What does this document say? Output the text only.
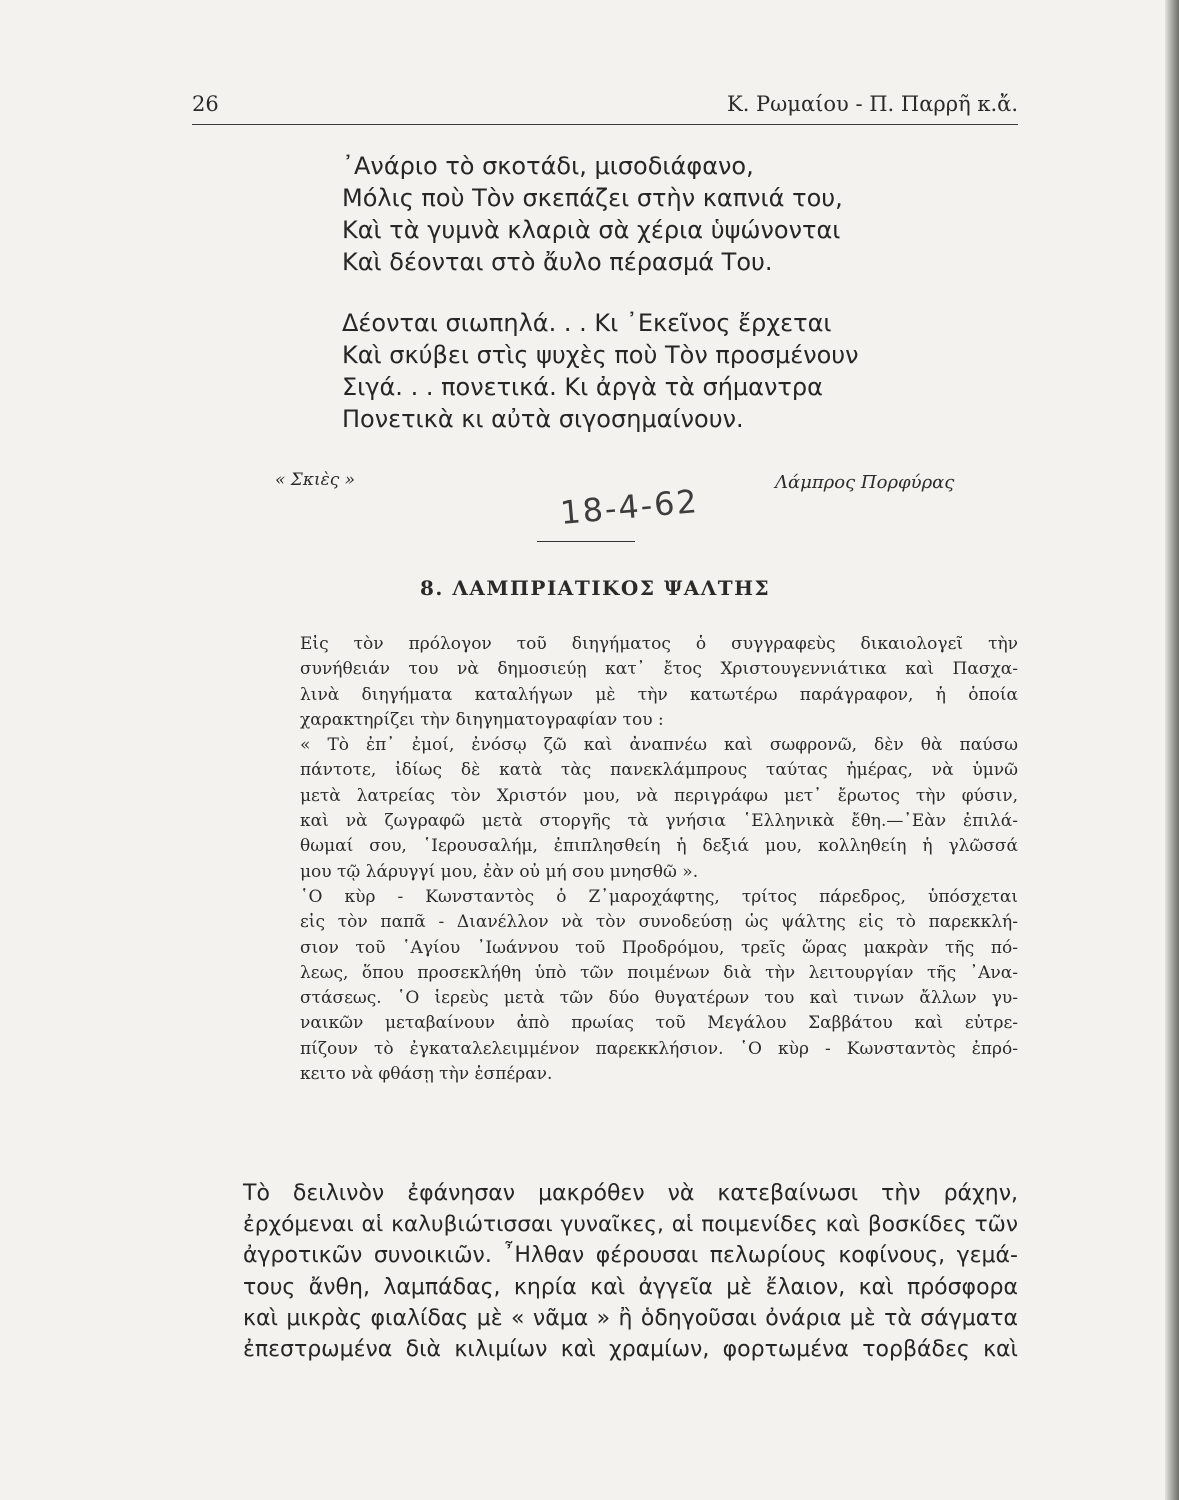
26	Κ. Ρωμαίου - Π. Παρρῆ κ.ἄ.
᾿Ανάριο τὸ σκοτάδι, μισοδιάφανο,
Μόλις ποὺ Τὸν σκεπάζει στὴν καπνιά του,
Καὶ τὰ γυμνὰ κλαριὰ σὰ χέρια ὑψώνονται
Καὶ δέονται στὸ ἄυλο πέρασμά Του.
Δέονται σιωπηλά. . . Κι ᾿Εκεῖνος ἔρχεται
Καὶ σκύβει στὶς ψυχὲς ποὺ Τὸν προσμένουν
Σιγά. . . πονετικά. Κι ἀργὰ τὰ σήμαντρα
Πονετικὰ κι αὐτὰ σιγοσημαίνουν.
« Σκιὲς »	Λάμπρος Πορφύρας
18-4-62
8. ΛΑΜΠΡΙΑΤΙΚΟΣ ΨΑΛΤΗΣ
Εἰς τὸν πρόλογον τοῦ διηγήματος ὁ συγγραφεὺς δικαιολογεῖ τὴν
συνήθειάν του νὰ δημοσιεύῃ κατ᾿ ἔτος Χριστουγεννιάτικα καὶ Πασχα-
λινὰ διηγήματα καταλήγων μὲ τὴν κατωτέρω παράγραφον, ἡ ὁποία
χαρακτηρίζει τὴν διηγηματογραφίαν του :
« Τὸ ἐπ᾿ ἐμοί, ἐνόσῳ ζῶ καὶ ἀναπνέω καὶ σωφρονῶ, δὲν θὰ παύσω
πάντοτε, ἰδίως δὲ κατὰ τὰς πανεκλάμπρους ταύτας ἡμέρας, νὰ ὑμνῶ
μετὰ λατρείας τὸν Χριστόν μου, νὰ περιγράφω μετ᾿ ἔρωτος τὴν φύσιν,
καὶ νὰ ζωγραφῶ μετὰ στοργῆς τὰ γνήσια ῾Ελληνικὰ ἔθη.—᾿Εὰν ἐπιλά-
θωμαί σου, ῾Ιερουσαλήμ, ἐπιπλησθείη ἡ δεξιά μου, κολληθείη ἡ γλῶσσά
μου τῷ λάρυγγί μου, ἐὰν οὐ μή σου μνησθῶ ».
῾Ο κὺρ - Κωνσταντὸς ὁ Ζ᾿μαροχάφτης, τρίτος πάρεδρος, ὑπόσχεται
εἰς τὸν παπᾶ - Διανέλλον νὰ τὸν συνοδεύσῃ ὡς ψάλτης εἰς τὸ παρεκκλή-
σιον τοῦ ῾Αγίου ᾿Ιωάννου τοῦ Προδρόμου, τρεῖς ὥρας μακρὰν τῆς πό-
λεως, ὅπου προσεκλήθη ὑπὸ τῶν ποιμένων διὰ τὴν λειτουργίαν τῆς ᾿Ανα-
στάσεως. ῾Ο ἱερεὺς μετὰ τῶν δύο θυγατέρων του καὶ τινων ἄλλων γυ-
ναικῶν μεταβαίνουν ἀπὸ πρωίας τοῦ Μεγάλου Σαββάτου καὶ εὐτρε-
πίζουν τὸ ἐγκαταλελειμμένον παρεκκλήσιον. ῾Ο κὺρ - Κωνσταντὸς ἐπρό-
κειτο νὰ φθάσῃ τὴν ἑσπέραν.
Τὸ δειλινὸν ἐφάνησαν μακρόθεν νὰ κατεβαίνωσι τὴν ράχην,
ἐρχόμεναι αἱ καλυβιώτισσαι γυναῖκες, αἱ ποιμενίδες καὶ βοσκίδες τῶν
ἀγροτικῶν συνοικιῶν. ῏Ηλθαν φέρουσαι πελωρίους κοφίνους, γεμά-
τους ἄνθη, λαμπάδας, κηρία καὶ ἀγγεῖα μὲ ἔλαιον, καὶ πρόσφορα
καὶ μικρὰς φιαλίδας μὲ « νᾶμα » ἢ ὁδηγοῦσαι ὀνάρια μὲ τὰ σάγματα
ἐπεστρωμένα διὰ κιλιμίων καὶ χραμίων, φορτωμένα τορβάδες καὶ
